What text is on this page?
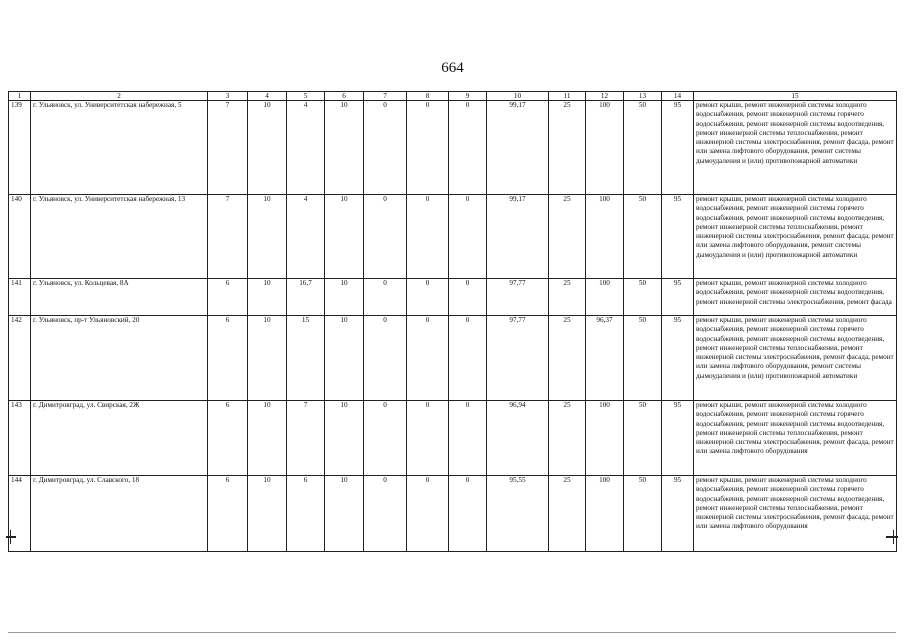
664
1	2	3	4	5	6	7	8	9	10	11	12	13	14	15
139	г. Ульяновск, ул. Университетская набережная, 5	7	10	4	10	0	0	0	99,17	25	100	50	95	ремонт крыши, ремонт инженерной системы холодного водоснабжения, ремонт инженерной системы горячего водоснабжения, ремонт инженерной системы водоотведения, ремонт инженерной системы теплоснабжения, ремонт инженерной системы электроснабжения, ремонт фасада, ремонт или замена лифтового оборудования, ремонт системы дымоудаления и (или) противопожарной автоматики
140	г. Ульяновск, ул. Университетская набережная, 13	7	10	4	10	0	0	0	99,17	25	100	50	95	ремонт крыши, ремонт инженерной системы холодного водоснабжения, ремонт инженерной системы горячего водоснабжения, ремонт инженерной системы водоотведения, ремонт инженерной системы теплоснабжения, ремонт инженерной системы электроснабжения, ремонт фасада, ремонт или замена лифтового оборудования, ремонт системы дымоудаления и (или) противопожарной автоматики
141	г. Ульяновск, ул. Кольцевая, 8А	6	10	16,7	10	0	0	0	97,77	25	100	50	95	ремонт крыши, ремонт инженерной системы холодного водоснабжения, ремонт инженерной системы водоотведения, ремонт инженерной системы электроснабжения, ремонт фасада
142	г. Ульяновск, пр-т Ульяновский, 20	6	10	15	10	0	0	0	97,77	25	96,37	50	95	ремонт крыши, ремонт инженерной системы холодного водоснабжения, ремонт инженерной системы горячего водоснабжения, ремонт инженерной системы водоотведения, ремонт инженерной системы теплоснабжения, ремонт инженерной системы электроснабжения, ремонт фасада, ремонт или замена лифтового оборудования, ремонт системы дымоудаления и (или) противопожарной автоматики
143	г. Димитровград, ул. Свирская, 2Ж	6	10	7	10	0	0	0	96,94	25	100	50	95	ремонт крыши, ремонт инженерной системы холодного водоснабжения, ремонт инженерной системы горячего водоснабжения, ремонт инженерной системы водоотведения, ремонт инженерной системы теплоснабжения, ремонт инженерной системы электроснабжения, ремонт фасада, ремонт или замена лифтового оборудования
144	г. Димитровград, ул. Славского, 18	6	10	6	10	0	0	0	95,55	25	100	50	95	ремонт крыши, ремонт инженерной системы холодного водоснабжения, ремонт инженерной системы горячего водоснабжения, ремонт инженерной системы водоотведения, ремонт инженерной системы теплоснабжения, ремонт инженерной системы электроснабжения, ремонт фасада, ремонт или замена лифтового оборудования
